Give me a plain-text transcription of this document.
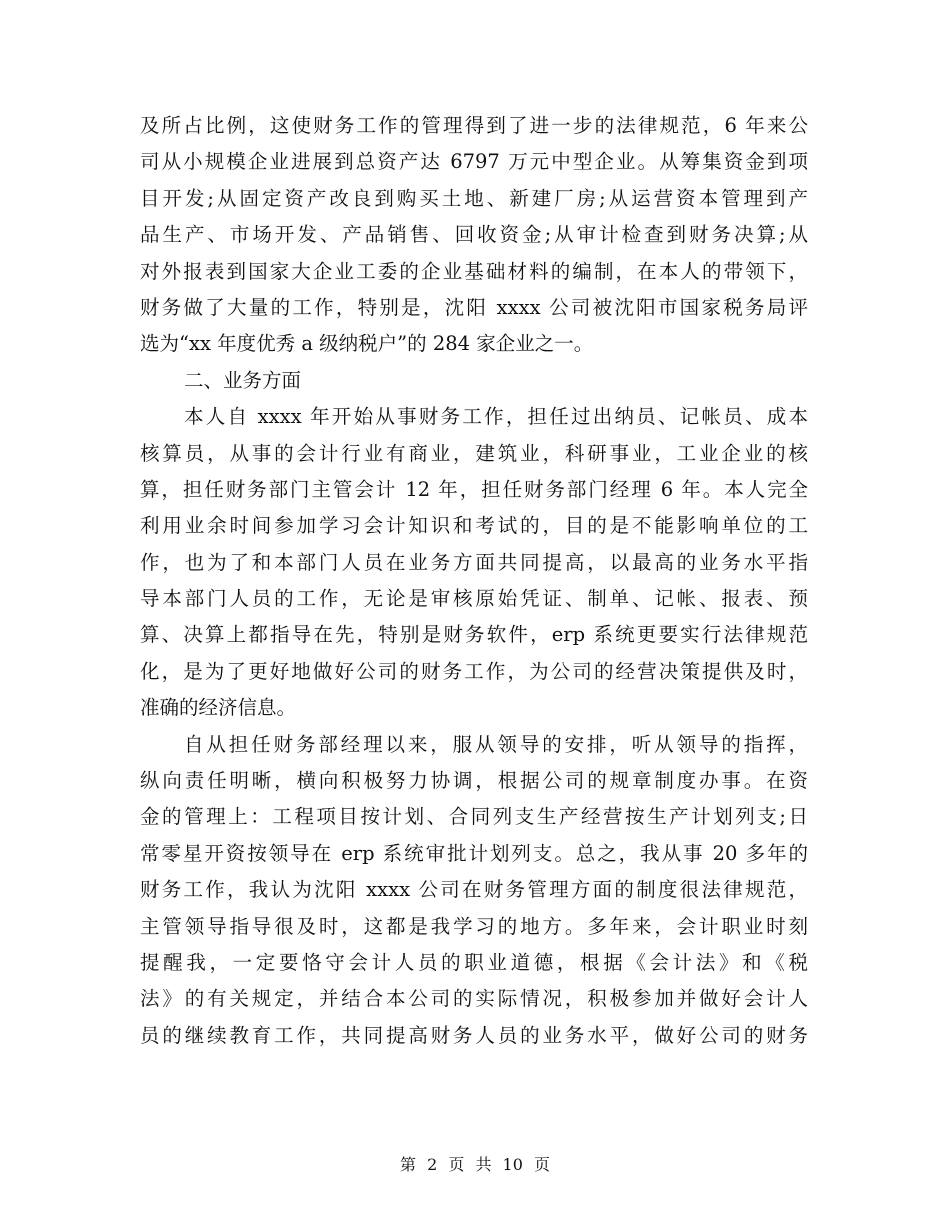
及所占比例，这使财务工作的管理得到了进一步的法律规范，6 年来公
司从小规模企业进展到总资产达 6797 万元中型企业。从筹集资金到项
目开发;从固定资产改良到购买土地、新建厂房;从运营资本管理到产
品生产、市场开发、产品销售、回收资金;从审计检查到财务决算;从
对外报表到国家大企业工委的企业基础材料的编制，在本人的带领下，
财务做了大量的工作，特别是，沈阳 xxxx 公司被沈阳市国家税务局评
选为“xx 年度优秀 a 级纳税户”的 284 家企业之一。
二、业务方面
本人自 xxxx 年开始从事财务工作，担任过出纳员、记帐员、成本
核算员，从事的会计行业有商业，建筑业，科研事业，工业企业的核
算，担任财务部门主管会计 12 年，担任财务部门经理 6 年。本人完全
利用业余时间参加学习会计知识和考试的，目的是不能影响单位的工
作，也为了和本部门人员在业务方面共同提高，以最高的业务水平指
导本部门人员的工作，无论是审核原始凭证、制单、记帐、报表、预
算、决算上都指导在先，特别是财务软件，erp 系统更要实行法律规范
化，是为了更好地做好公司的财务工作，为公司的经营决策提供及时，
准确的经济信息。
自从担任财务部经理以来，服从领导的安排，听从领导的指挥，
纵向责任明晰，横向积极努力协调，根据公司的规章制度办事。在资
金的管理上：工程项目按计划、合同列支生产经营按生产计划列支;日
常零星开资按领导在 erp 系统审批计划列支。总之，我从事 20 多年的
财务工作，我认为沈阳 xxxx 公司在财务管理方面的制度很法律规范，
主管领导指导很及时，这都是我学习的地方。多年来，会计职业时刻
提醒我，一定要恪守会计人员的职业道德，根据《会计法》和《税
法》的有关规定，并结合本公司的实际情况，积极参加并做好会计人
员的继续教育工作，共同提高财务人员的业务水平，做好公司的财务
第 2 页 共 10 页
